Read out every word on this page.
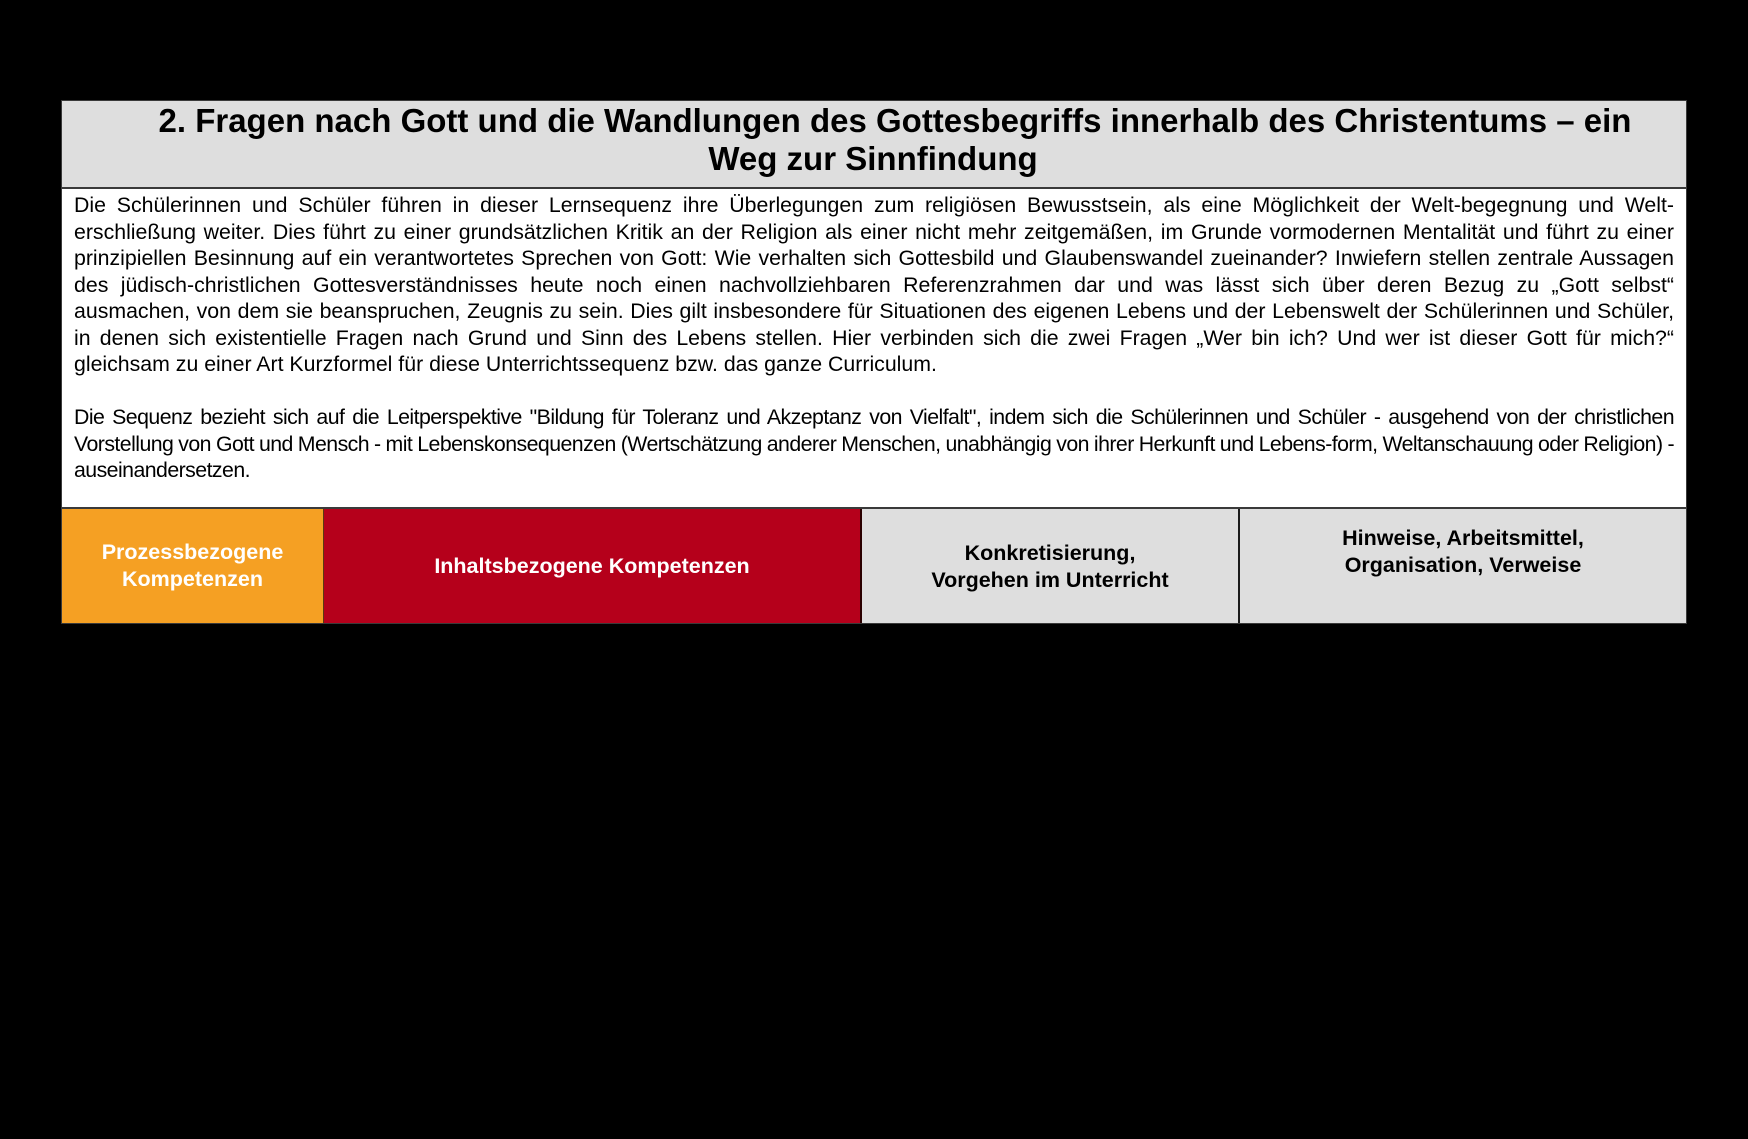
2. Fragen nach Gott und die Wandlungen des Gottesbegriffs innerhalb des Christentums – ein
Weg zur Sinnfindung

Die Schülerinnen und Schüler führen in dieser Lernsequenz ihre Überlegungen zum religiösen Bewusstsein, als eine Möglichkeit der Welt-begegnung und Welt-erschließung weiter. Dies führt zu einer grundsätzlichen Kritik an der Religion als einer nicht mehr zeitgemäßen, im Grunde vormodernen Mentalität und führt zu einer prinzipiellen Besinnung auf ein verantwortetes Sprechen von Gott: Wie verhalten sich Gottesbild und Glaubenswandel zueinander? Inwiefern stellen zentrale Aussagen des jüdisch-christlichen Gottesverständnisses heute noch einen nachvollziehbaren Referenzrahmen dar und was lässt sich über deren Bezug zu „Gott selbst“ ausmachen, von dem sie beanspruchen, Zeugnis zu sein. Dies gilt insbesondere für Situationen des eigenen Lebens und der Lebenswelt der Schülerinnen und Schüler, in denen sich existentielle Fragen nach Grund und Sinn des Lebens stellen. Hier verbinden sich die zwei Fragen „Wer bin ich? Und wer ist dieser Gott für mich?“ gleichsam zu einer Art Kurzformel für diese Unterrichtssequenz bzw. das ganze Curriculum.

Die Sequenz bezieht sich auf die Leitperspektive "Bildung für Toleranz und Akzeptanz von Vielfalt", indem sich die Schülerinnen und Schüler - ausgehend von der christlichen Vorstellung von Gott und Mensch - mit Lebenskonsequenzen (Wertschätzung anderer Menschen, unabhängig von ihrer Herkunft und Lebens-form, Weltanschauung oder Religion) - auseinandersetzen.

Prozessbezogene
Kompetenzen
Inhaltsbezogene Kompetenzen
Konkretisierung,
Vorgehen im Unterricht
Hinweise, Arbeitsmittel,
Organisation, Verweise
